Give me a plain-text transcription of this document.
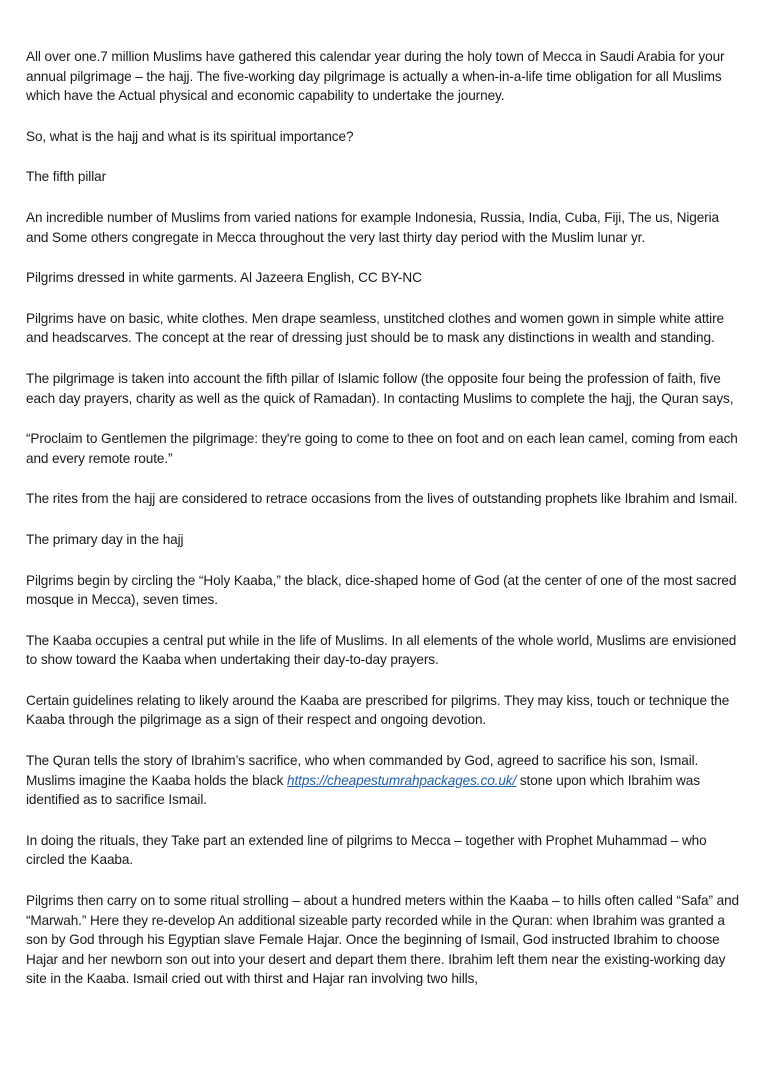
All over one.7 million Muslims have gathered this calendar year during the holy town of Mecca in Saudi Arabia for your annual pilgrimage – the hajj. The five-working day pilgrimage is actually a when-in-a-life time obligation for all Muslims which have the Actual physical and economic capability to undertake the journey.

So, what is the hajj and what is its spiritual importance?

The fifth pillar

An incredible number of Muslims from varied nations for example Indonesia, Russia, India, Cuba, Fiji, The us, Nigeria and Some others congregate in Mecca throughout the very last thirty day period with the Muslim lunar yr.

Pilgrims dressed in white garments. Al Jazeera English, CC BY-NC

Pilgrims have on basic, white clothes. Men drape seamless, unstitched clothes and women gown in simple white attire and headscarves. The concept at the rear of dressing just should be to mask any distinctions in wealth and standing.

The pilgrimage is taken into account the fifth pillar of Islamic follow (the opposite four being the profession of faith, five each day prayers, charity as well as the quick of Ramadan). In contacting Muslims to complete the hajj, the Quran says,

“Proclaim to Gentlemen the pilgrimage: they're going to come to thee on foot and on each lean camel, coming from each and every remote route.”

The rites from the hajj are considered to retrace occasions from the lives of outstanding prophets like Ibrahim and Ismail.

The primary day in the hajj

Pilgrims begin by circling the “Holy Kaaba,” the black, dice-shaped home of God (at the center of one of the most sacred mosque in Mecca), seven times.

The Kaaba occupies a central put while in the life of Muslims. In all elements of the whole world, Muslims are envisioned to show toward the Kaaba when undertaking their day-to-day prayers.

Certain guidelines relating to likely around the Kaaba are prescribed for pilgrims. They may kiss, touch or technique the Kaaba through the pilgrimage as a sign of their respect and ongoing devotion.

The Quran tells the story of Ibrahim’s sacrifice, who when commanded by God, agreed to sacrifice his son, Ismail. Muslims imagine the Kaaba holds the black https://cheapestumrahpackages.co.uk/ stone upon which Ibrahim was identified as to sacrifice Ismail.

In doing the rituals, they Take part an extended line of pilgrims to Mecca – together with Prophet Muhammad – who circled the Kaaba.

Pilgrims then carry on to some ritual strolling – about a hundred meters within the Kaaba – to hills often called “Safa” and “Marwah.” Here they re-develop An additional sizeable party recorded while in the Quran: when Ibrahim was granted a son by God through his Egyptian slave Female Hajar. Once the beginning of Ismail, God instructed Ibrahim to choose Hajar and her newborn son out into your desert and depart them there. Ibrahim left them near the existing-working day site in the Kaaba. Ismail cried out with thirst and Hajar ran involving two hills,
